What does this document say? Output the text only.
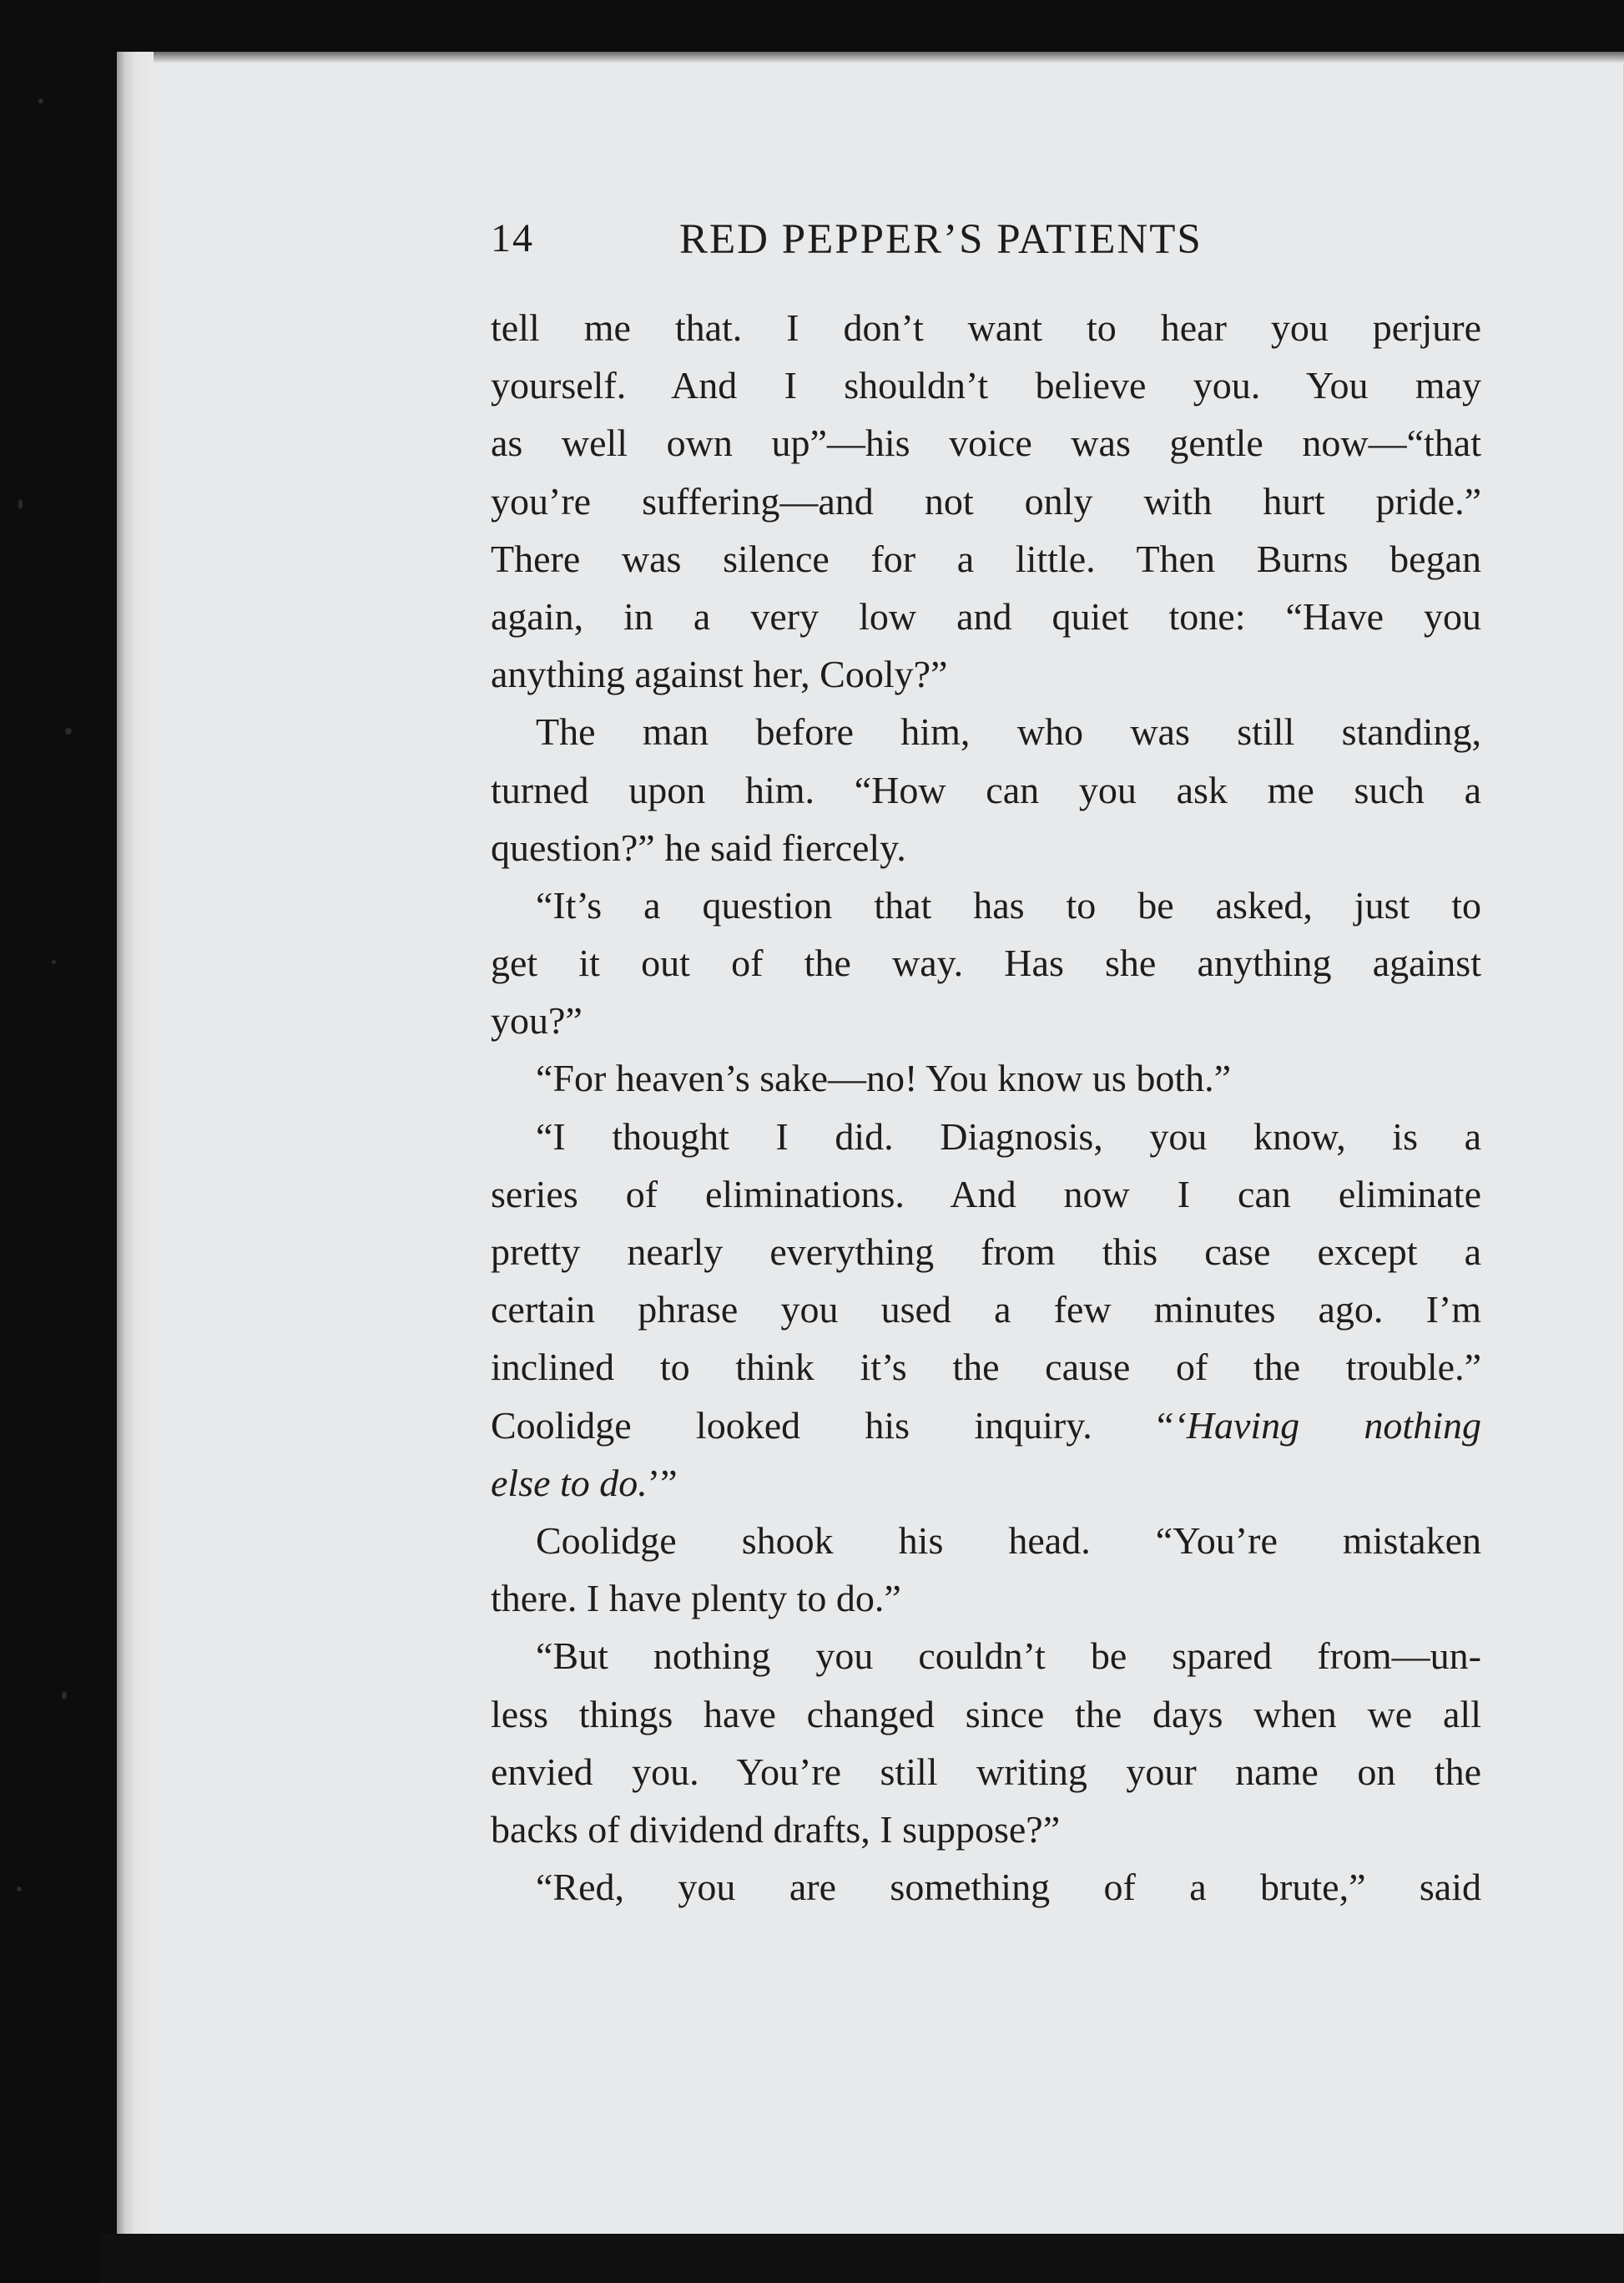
14	RED PEPPER’S PATIENTS
tell me that. I don’t want to hear you perjure
yourself. And I shouldn’t believe you. You may
as well own up”—his voice was gentle now—“that
you’re suffering—and not only with hurt pride.”
There was silence for a little. Then Burns began
again, in a very low and quiet tone: “Have you
anything against her, Cooly?”
The man before him, who was still standing,
turned upon him. “How can you ask me such a
question?” he said fiercely.
“It’s a question that has to be asked, just to
get it out of the way. Has she anything against
you?”
“For heaven’s sake—no! You know us both.”
“I thought I did. Diagnosis, you know, is a
series of eliminations. And now I can eliminate
pretty nearly everything from this case except a
certain phrase you used a few minutes ago. I’m
inclined to think it’s the cause of the trouble.”
Coolidge looked his inquiry. “‘Having nothing
else to do.’”
Coolidge shook his head. “You’re mistaken
there. I have plenty to do.”
“But nothing you couldn’t be spared from—un-
less things have changed since the days when we all
envied you. You’re still writing your name on the
backs of dividend drafts, I suppose?”
“Red, you are something of a brute,” said
